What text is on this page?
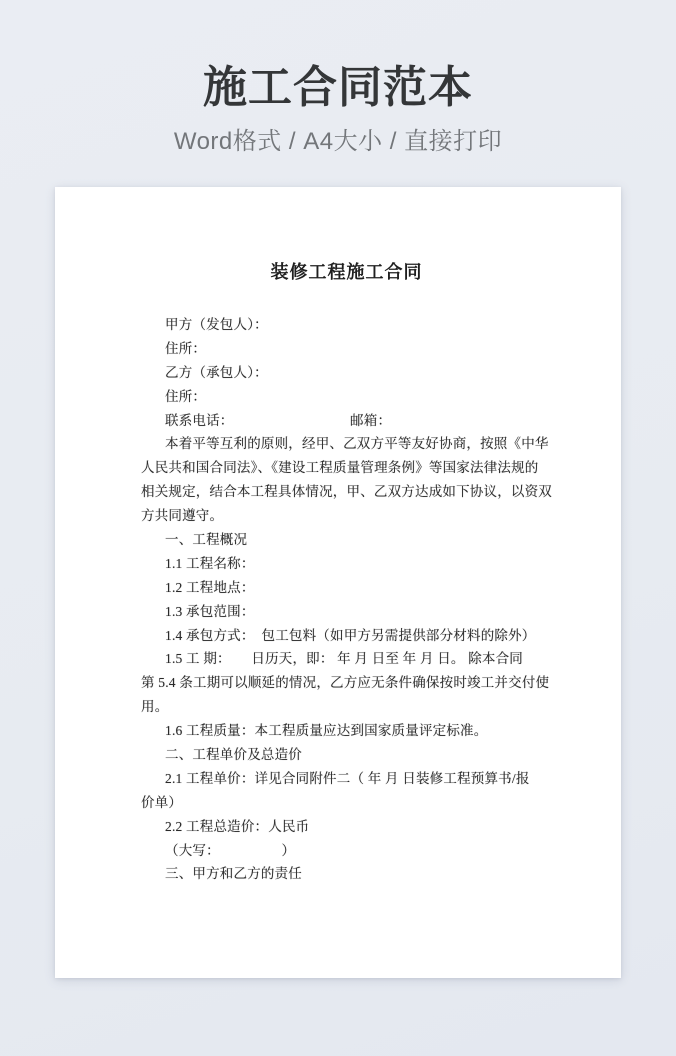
施工合同范本

Word格式 / A4大小 / 直接打印

装修工程施工合同
甲方（发包人）：
住所：
乙方（承包人）：
住所：
联系电话：　　　　　　　　　邮箱：
本着平等互利的原则，经甲、乙双方平等友好协商，按照《中华
人民共和国合同法》、《建设工程质量管理条例》等国家法律法规的
相关规定，结合本工程具体情况，甲、乙双方达成如下协议，以资双
方共同遵守。
一、工程概况
1.1 工程名称：
1.2 工程地点：
1.3 承包范围：
1.4 承包方式：　包工包料（如甲方另需提供部分材料的除外）
1.5 工 期：　　日历天，即： 年 月 日至 年 月 日。 除本合同
第 5.4 条工期可以顺延的情况，乙方应无条件确保按时竣工并交付使
用。
1.6 工程质量：本工程质量应达到国家质量评定标准。
二、工程单价及总造价
2.1 工程单价：详见合同附件二（ 年 月 日装修工程预算书/报
价单）
2.2 工程总造价：人民币
（大写：　　　　　）
三、甲方和乙方的责任
